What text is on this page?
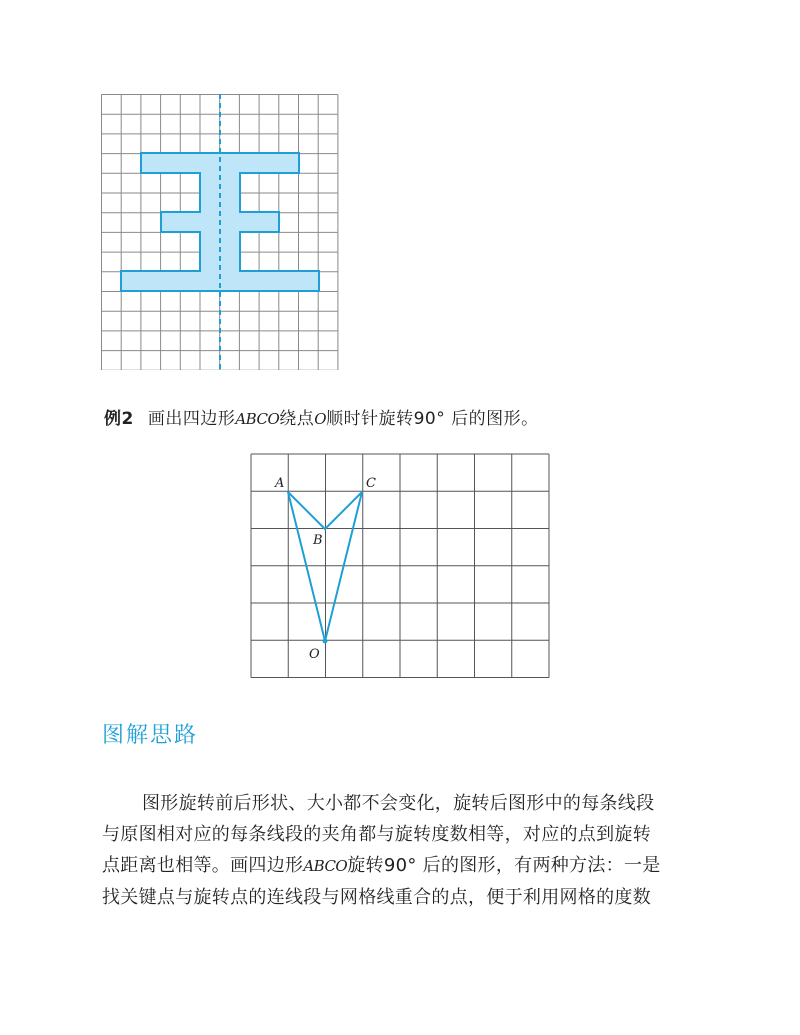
例2 画出四边形ABCO绕点O顺时针旋转90° 后的图形。
A	C
B
O
图解思路

图形旋转前后形状、大小都不会变化，旋转后图形中的每条线段

与原图相对应的每条线段的夹角都与旋转度数相等，对应的点到旋转

点距离也相等。画四边形ABCO旋转90° 后的图形，有两种方法：一是

找关键点与旋转点的连线段与网格线重合的点，便于利用网格的度数
